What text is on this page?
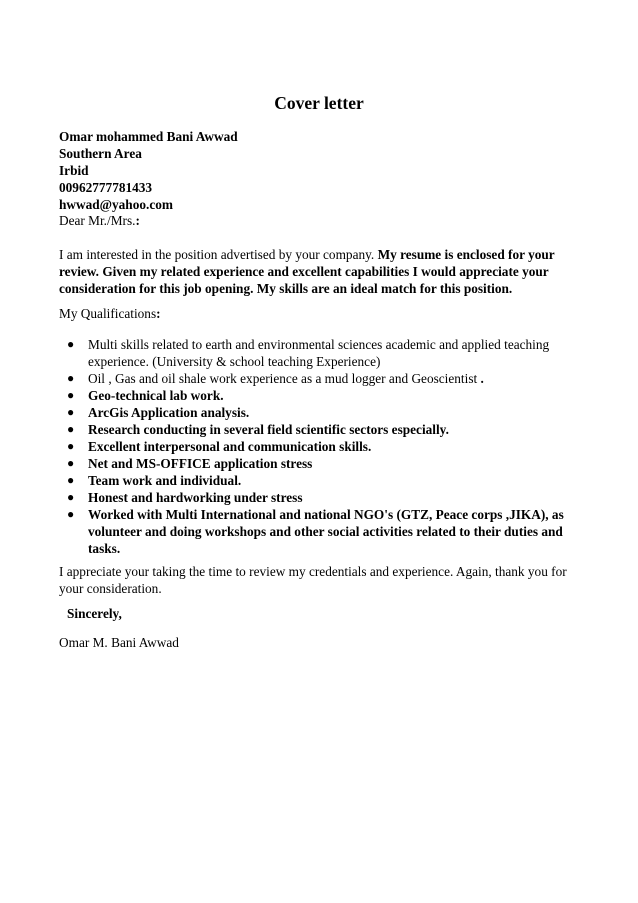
Cover letter
Omar mohammed Bani Awwad
Southern Area
Irbid
00962777781433
hwwad@yahoo.com
Dear Mr./Mrs.:
I am interested in the position advertised by your company. My resume is enclosed for your review. Given my related experience and excellent capabilities I would appreciate your consideration for this job opening. My skills are an ideal match for this position.
My Qualifications:
● Multi skills related to earth and environmental sciences academic and applied teaching experience. (University & school teaching Experience)
● Oil , Gas and oil shale work experience as a mud logger and Geoscientist .
● Geo-technical lab work.
● ArcGis Application analysis.
● Research conducting in several field scientific sectors especially.
● Excellent interpersonal and communication skills.
● Net and MS-OFFICE application stress
● Team work and individual.
● Honest and hardworking under stress
● Worked with Multi International and national NGO's (GTZ, Peace corps ,JIKA), as volunteer and doing workshops and other social activities related to their duties and tasks.
I appreciate your taking the time to review my credentials and experience. Again, thank you for your consideration.
Sincerely,
Omar M. Bani Awwad
